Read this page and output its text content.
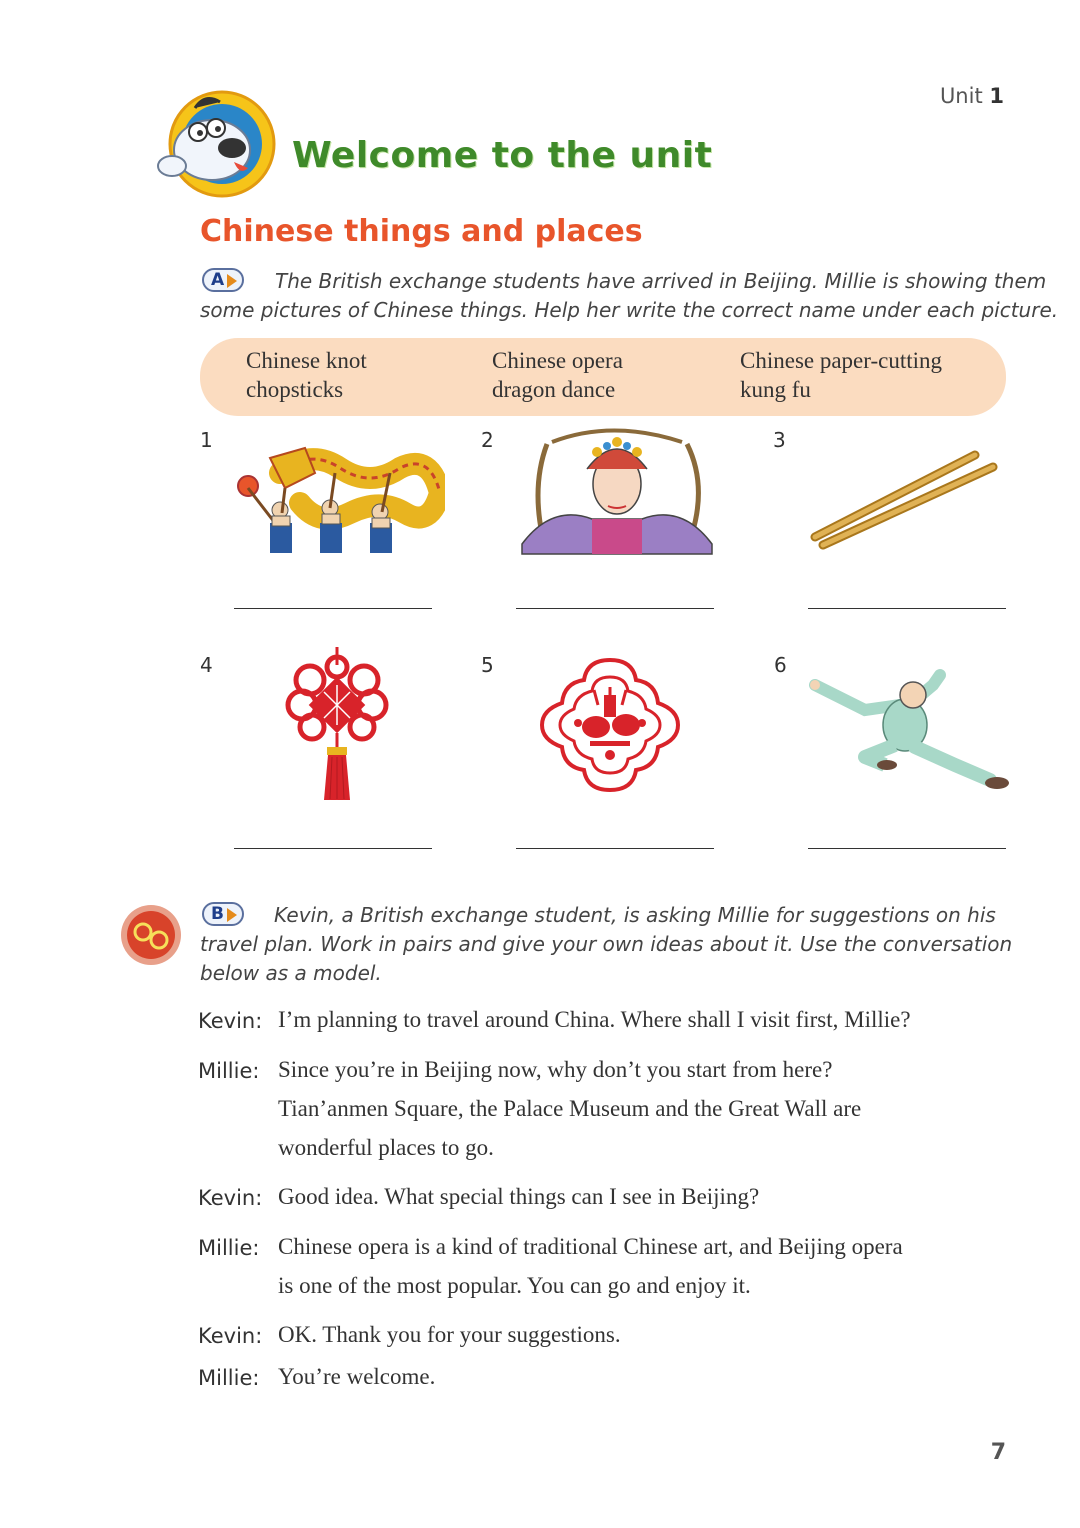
Unit 1
Welcome to the unit
Chinese things and places
A	The British exchange students have arrived in Beijing. Millie is showing them
some pictures of Chinese things. Help her write the correct name under each picture.
Chinese knot
chopsticks
Chinese opera
dragon dance
Chinese paper-cutting
kung fu
1	2	3
4	5	6
B	Kevin, a British exchange student, is asking Millie for suggestions on his
travel plan. Work in pairs and give your own ideas about it. Use the conversation
below as a model.
Kevin: I’m planning to travel around China. Where shall I visit first, Millie?
Millie: Since you’re in Beijing now, why don’t you start from here?
Tian’anmen Square, the Palace Museum and the Great Wall are
wonderful places to go.
Kevin: Good idea. What special things can I see in Beijing?
Millie: Chinese opera is a kind of traditional Chinese art, and Beijing opera
is one of the most popular. You can go and enjoy it.
Kevin: OK. Thank you for your suggestions.
Millie: You’re welcome.
7
